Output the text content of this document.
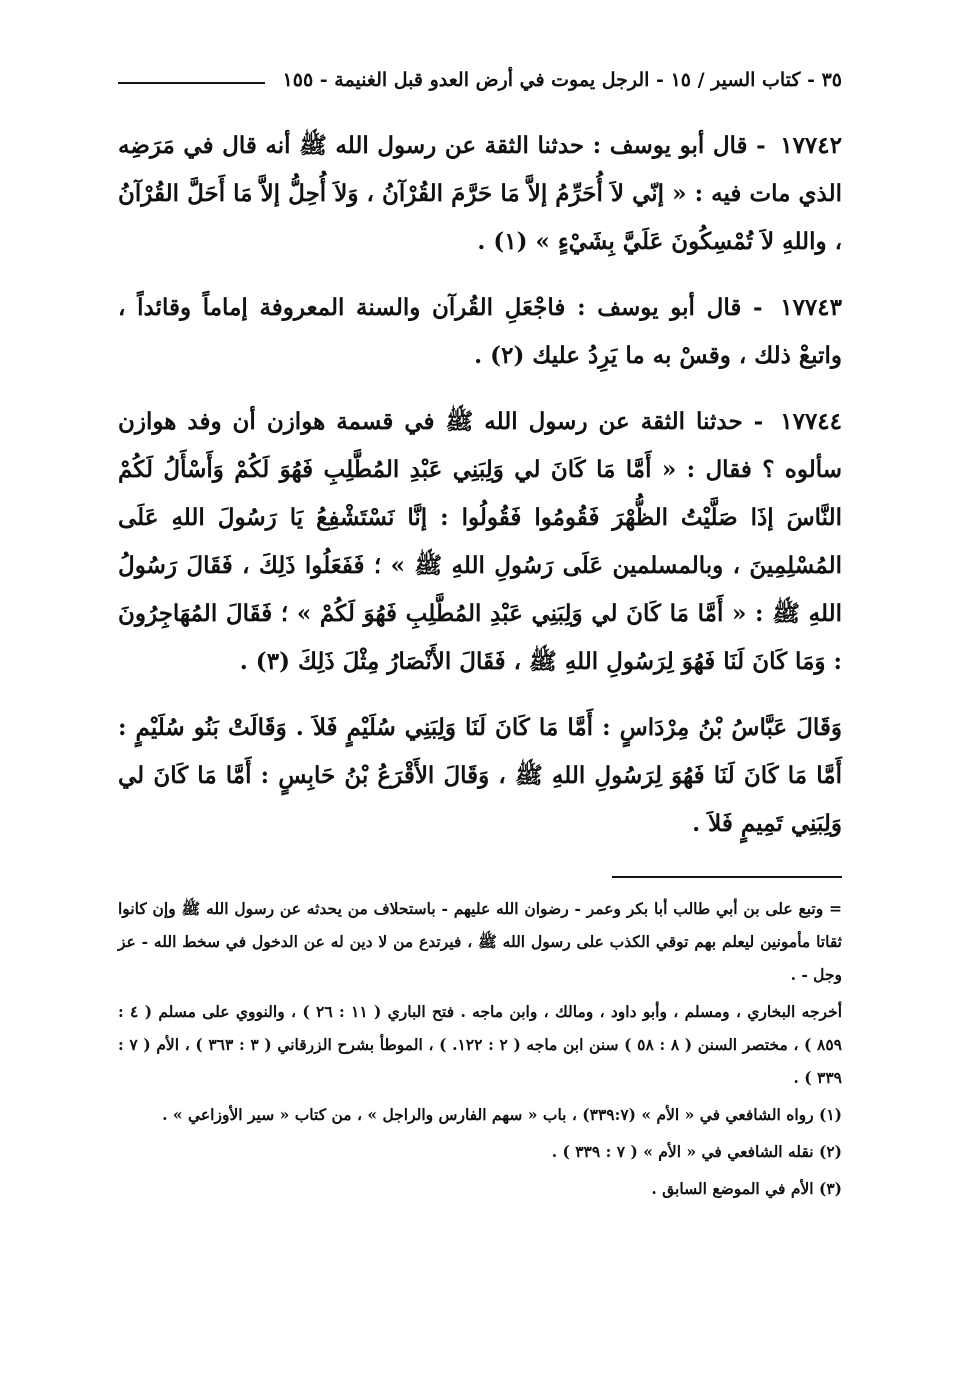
٣٥ - كتاب السير / ١٥ - الرجل يموت في أرض العدو قبل الغنيمة - ١٥٥

١٧٧٤٢ - قال أبو يوسف : حدثنا الثقة عن رسول الله ﷺ أنه قال في مَرَضِه الذي مات فيه : « إنّي لاَ أُحَرِّمُ إلاَّ مَا حَرَّمَ القُرْآنُ ، وَلاَ أُحِلُّ إلاَّ مَا أَحَلَّ القُرْآنُ ، واللهِ لاَ تُمْسِكُونَ عَلَيَّ بِشَيْءٍ » (١) .

١٧٧٤٣ - قال أبو يوسف : فاجْعَلِ القُرآن والسنة المعروفة إماماً وقائداً ، واتبعْ ذلك ، وقسْ به ما يَرِدُ عليك (٢) .

١٧٧٤٤ - حدثنا الثقة عن رسول الله ﷺ في قسمة هوازن أن وفد هوازن سألوه ؟ فقال : « أَمَّا مَا كَانَ لي وَلِبَنِي عَبْدِ المُطَّلِبِ فَهُوَ لَكُمْ وَأَسْأَلُ لَكُمْ النَّاسَ إذَا صَلَّيْتُ الظُّهْرَ فَقُومُوا فَقُولُوا : إنَّا نَسْتَشْفِعُ يَا رَسُولَ اللهِ عَلَى المُسْلِمِينَ ، وبالمسلمين عَلَى رَسُولِ اللهِ ﷺ » ؛ فَفَعَلُوا ذَلِكَ ، فَقَالَ رَسُولُ اللهِ ﷺ : « أَمَّا مَا كَانَ لي وَلِبَنِي عَبْدِ المُطَّلِبِ فَهُوَ لَكُمْ » ؛ فَقَالَ المُهَاجِرُونَ : وَمَا كَانَ لَنَا فَهُوَ لِرَسُولِ اللهِ ﷺ ، فَقَالَ الأَنْصَارُ مِثْلَ ذَلِكَ (٣) .

وَقَالَ عَبَّاسُ بْنُ مِرْدَاسٍ : أَمَّا مَا كَانَ لَنَا وَلِبَنِي سُلَيْمٍ فَلاَ . وَقَالَتْ بَنُو سُلَيْمٍ : أَمَّا مَا كَانَ لَنَا فَهُوَ لِرَسُولِ اللهِ ﷺ ، وَقَالَ الأَقْرَعُ بْنُ حَابِسٍ : أَمَّا مَا كَانَ لي وَلِبَنِي تَمِيمٍ فَلاَ .

= وتبع على بن أبي طالب أبا بكر وعمر - رضوان الله عليهم - باستحلاف من يحدثه عن رسول الله ﷺ وإن كانوا ثقاتا مأمونين ليعلم بهم توقي الكذب على رسول الله ﷺ ، فيرتدع من لا دين له عن الدخول في سخط الله - عز وجل - .

أخرجه البخاري ، ومسلم ، وأبو داود ، ومالك ، وابن ماجه . فتح الباري ( ١١ : ٢٦ ) ، والنووي على مسلم ( ٤ : ٨٥٩ ) ، مختصر السنن ( ٨ : ٥٨ ) سنن ابن ماجه ( ٢ : ١٢٢. ) ، الموطأ بشرح الزرقاني ( ٣ : ٣٦٣ ) ، الأم ( ٧ : ٣٣٩ ) .

(١) رواه الشافعي في « الأم » (٣٣٩:٧) ، باب « سهم الفارس والراجل » ، من كتاب « سير الأوزاعي » .

(٢) نقله الشافعي في « الأم » ( ٧ : ٣٣٩ ) .

(٣) الأم في الموضع السابق .
